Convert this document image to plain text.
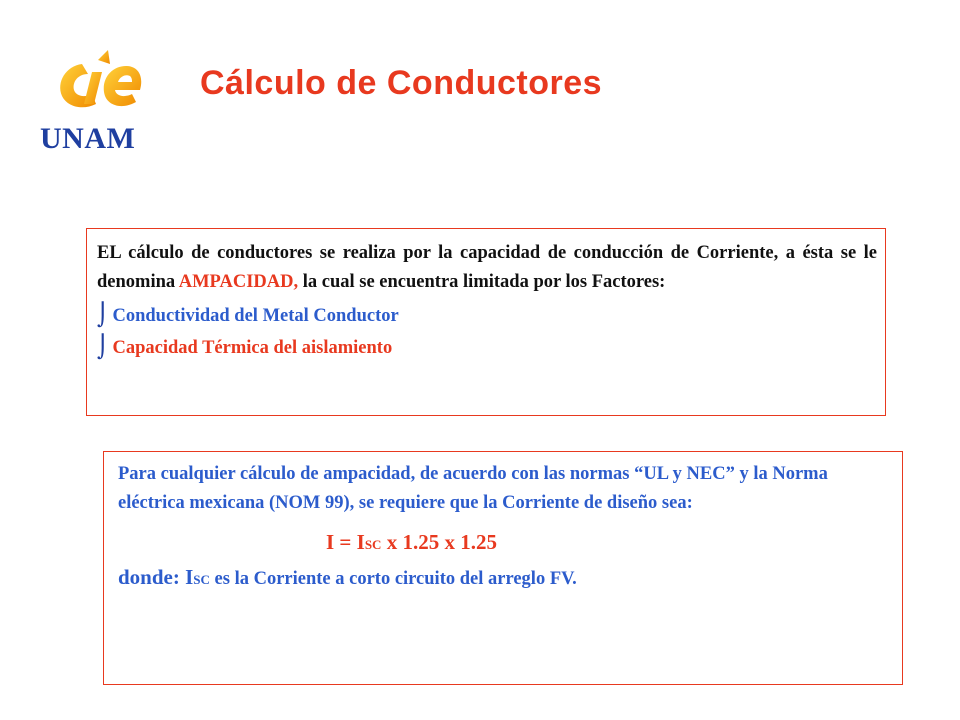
UNAM
Cálculo de Conductores

EL cálculo de conductores se realiza por la capacidad de conducción de Corriente, a ésta se le denomina AMPACIDAD, la cual se encuentra limitada por los Factores:

⌡ Conductividad del Metal Conductor
⌡ Capacidad Térmica del aislamiento

Para cualquier cálculo de ampacidad, de acuerdo con las normas “UL y NEC” y la Norma eléctrica mexicana (NOM 99), se requiere que la Corriente de diseño sea:

I = ISC x 1.25 x 1.25
donde: ISC es la Corriente a corto circuito del arreglo FV.
